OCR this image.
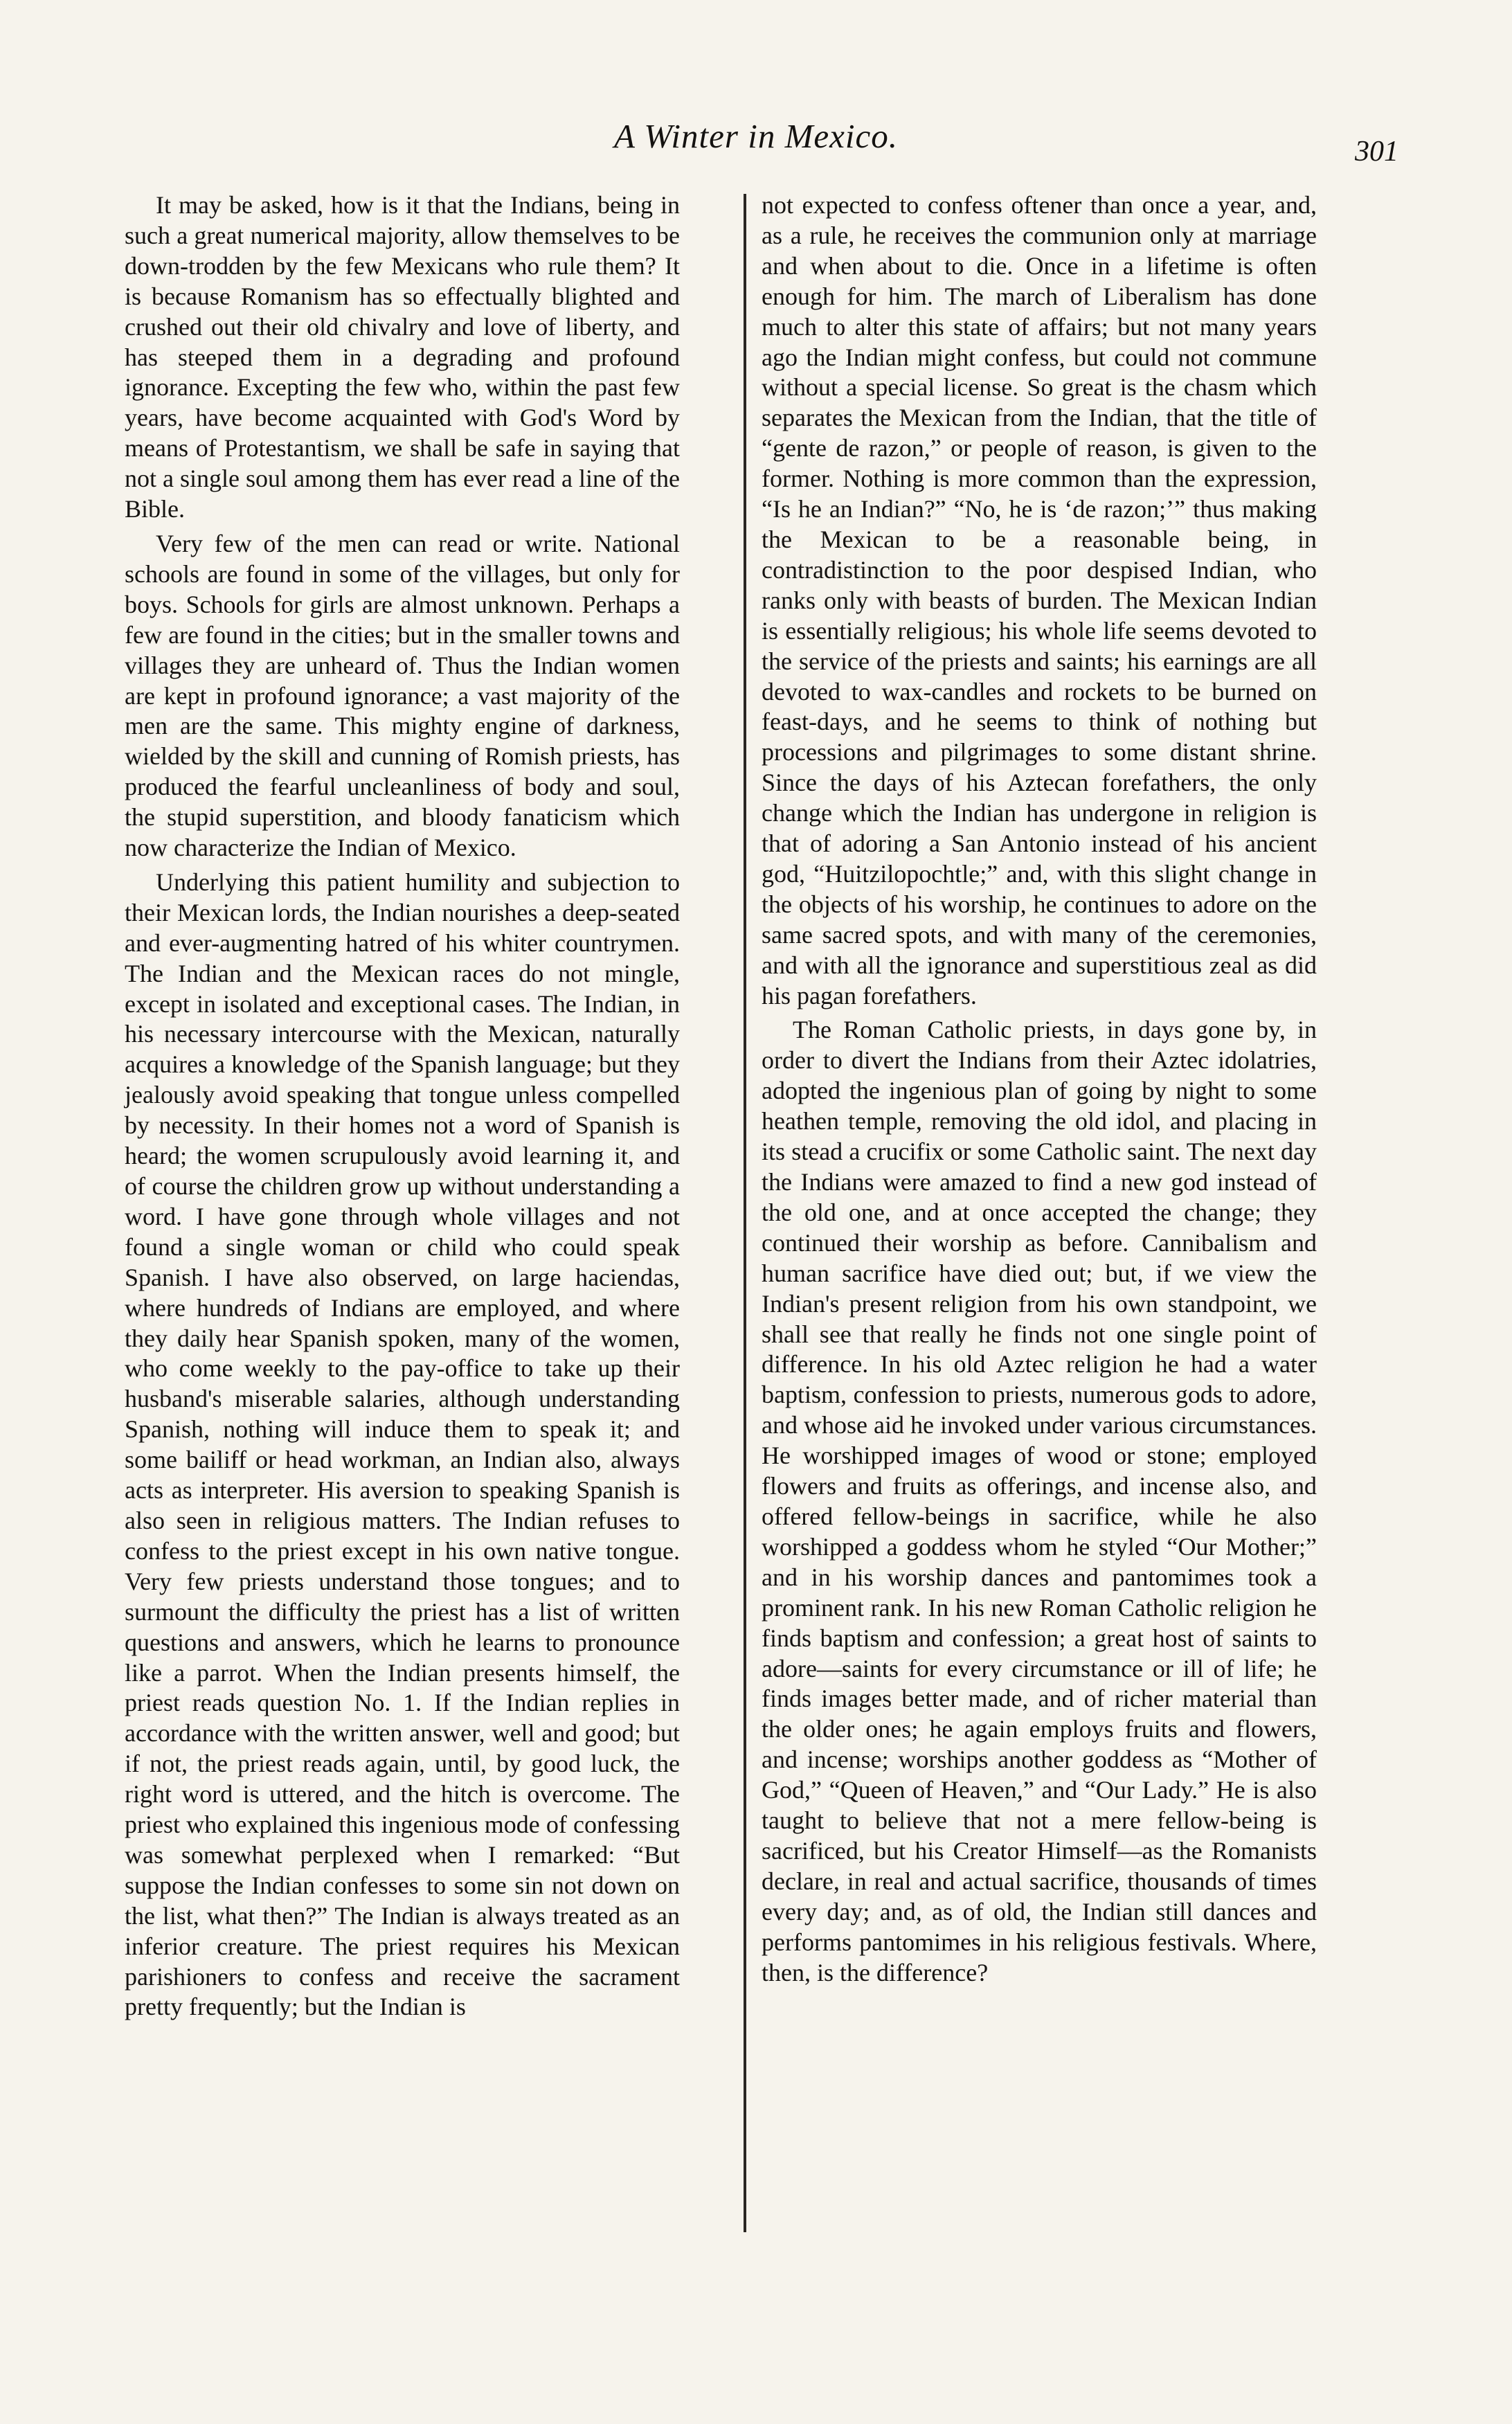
A Winter in Mexico.	301

It may be asked, how is it that the Indians, being in such a great numerical majority, allow themselves to be down-trodden by the few Mexicans who rule them? It is because Romanism has so effectually blighted and crushed out their old chivalry and love of liberty, and has steeped them in a degrading and profound ignorance. Excepting the few who, within the past few years, have become acquainted with God's Word by means of Protestantism, we shall be safe in saying that not a single soul among them has ever read a line of the Bible.

Very few of the men can read or write. National schools are found in some of the villages, but only for boys. Schools for girls are almost unknown. Perhaps a few are found in the cities; but in the smaller towns and villages they are unheard of. Thus the Indian women are kept in profound ignorance; a vast majority of the men are the same. This mighty engine of darkness, wielded by the skill and cunning of Romish priests, has produced the fearful uncleanliness of body and soul, the stupid superstition, and bloody fanaticism which now characterize the Indian of Mexico.

Underlying this patient humility and subjection to their Mexican lords, the Indian nourishes a deep-seated and ever-augmenting hatred of his whiter countrymen. The Indian and the Mexican races do not mingle, except in isolated and exceptional cases. The Indian, in his necessary intercourse with the Mexican, naturally acquires a knowledge of the Spanish language; but they jealously avoid speaking that tongue unless compelled by necessity. In their homes not a word of Spanish is heard; the women scrupulously avoid learning it, and of course the children grow up without understanding a word. I have gone through whole villages and not found a single woman or child who could speak Spanish. I have also observed, on large haciendas, where hundreds of Indians are employed, and where they daily hear Spanish spoken, many of the women, who come weekly to the pay-office to take up their husband's miserable salaries, although understanding Spanish, nothing will induce them to speak it; and some bailiff or head workman, an Indian also, always acts as interpreter. His aversion to speaking Spanish is also seen in religious matters. The Indian refuses to confess to the priest except in his own native tongue. Very few priests understand those tongues; and to surmount the difficulty the priest has a list of written questions and answers, which he learns to pronounce like a parrot. When the Indian presents himself, the priest reads question No. 1. If the Indian replies in accordance with the written answer, well and good; but if not, the priest reads again, until, by good luck, the right word is uttered, and the hitch is overcome. The priest who explained this ingenious mode of confessing was somewhat perplexed when I remarked: “But suppose the Indian confesses to some sin not down on the list, what then?” The Indian is always treated as an inferior creature. The priest requires his Mexican parishioners to confess and receive the sacrament pretty frequently; but the Indian is

not expected to confess oftener than once a year, and, as a rule, he receives the communion only at marriage and when about to die. Once in a lifetime is often enough for him. The march of Liberalism has done much to alter this state of affairs; but not many years ago the Indian might confess, but could not commune without a special license. So great is the chasm which separates the Mexican from the Indian, that the title of “gente de razon,” or people of reason, is given to the former. Nothing is more common than the expression, “Is he an Indian?” “No, he is ‘de razon;’” thus making the Mexican to be a reasonable being, in contradistinction to the poor despised Indian, who ranks only with beasts of burden. The Mexican Indian is essentially religious; his whole life seems devoted to the service of the priests and saints; his earnings are all devoted to wax-candles and rockets to be burned on feast-days, and he seems to think of nothing but processions and pilgrimages to some distant shrine. Since the days of his Aztecan forefathers, the only change which the Indian has undergone in religion is that of adoring a San Antonio instead of his ancient god, “Huitzilopochtle;” and, with this slight change in the objects of his worship, he continues to adore on the same sacred spots, and with many of the ceremonies, and with all the ignorance and superstitious zeal as did his pagan forefathers.

The Roman Catholic priests, in days gone by, in order to divert the Indians from their Aztec idolatries, adopted the ingenious plan of going by night to some heathen temple, removing the old idol, and placing in its stead a crucifix or some Catholic saint. The next day the Indians were amazed to find a new god instead of the old one, and at once accepted the change; they continued their worship as before. Cannibalism and human sacrifice have died out; but, if we view the Indian's present religion from his own standpoint, we shall see that really he finds not one single point of difference. In his old Aztec religion he had a water baptism, confession to priests, numerous gods to adore, and whose aid he invoked under various circumstances. He worshipped images of wood or stone; employed flowers and fruits as offerings, and incense also, and offered fellow-beings in sacrifice, while he also worshipped a goddess whom he styled “Our Mother;” and in his worship dances and pantomimes took a prominent rank. In his new Roman Catholic religion he finds baptism and confession; a great host of saints to adore—saints for every circumstance or ill of life; he finds images better made, and of richer material than the older ones; he again employs fruits and flowers, and incense; worships another goddess as “Mother of God,” “Queen of Heaven,” and “Our Lady.” He is also taught to believe that not a mere fellow-being is sacrificed, but his Creator Himself—as the Romanists declare, in real and actual sacrifice, thousands of times every day; and, as of old, the Indian still dances and performs pantomimes in his religious festivals. Where, then, is the difference?
